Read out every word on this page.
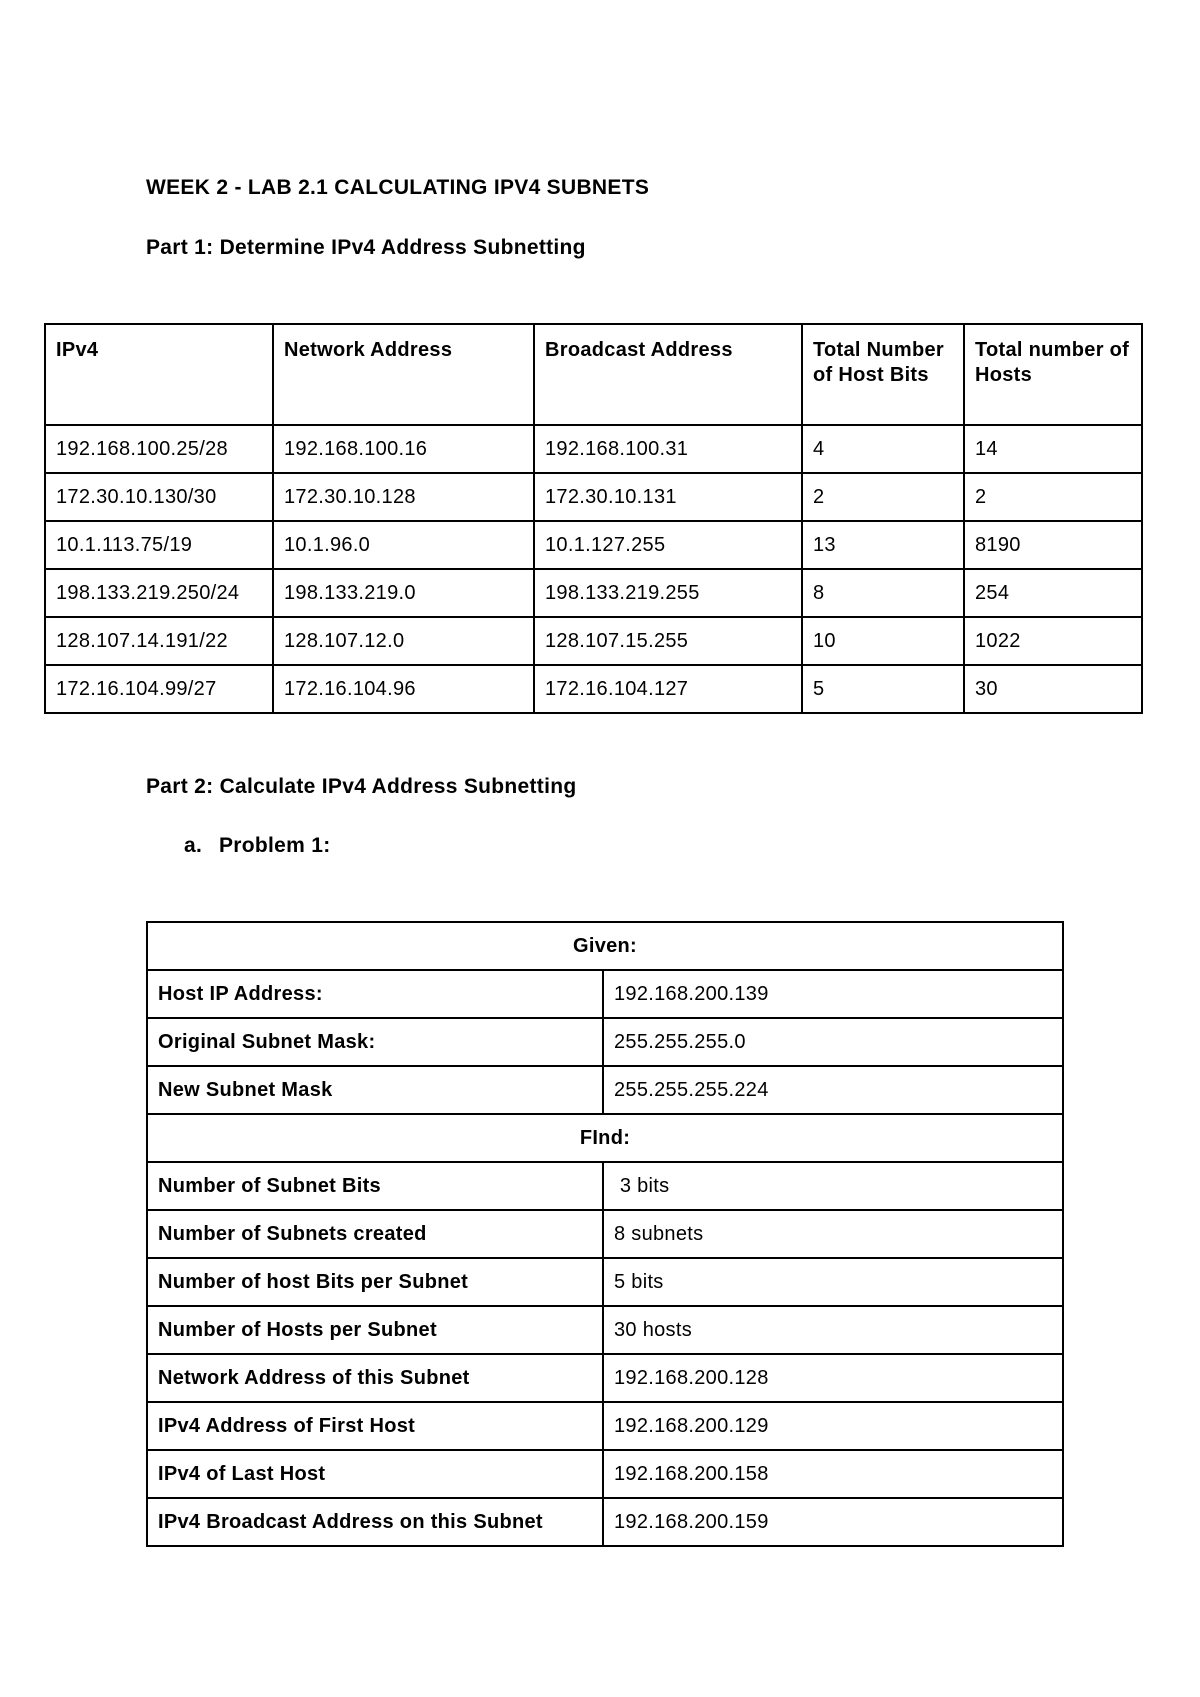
WEEK 2 - LAB 2.1 CALCULATING IPV4 SUBNETS

Part 1: Determine IPv4 Address Subnetting

IPv4	Network Address	Broadcast Address	Total Number of Host Bits	Total number of Hosts
192.168.100.25/28	192.168.100.16	192.168.100.31	4	14
172.30.10.130/30	172.30.10.128	172.30.10.131	2	2
10.1.113.75/19	10.1.96.0	10.1.127.255	13	8190
198.133.219.250/24	198.133.219.0	198.133.219.255	8	254
128.107.14.191/22	128.107.12.0	128.107.15.255	10	1022
172.16.104.99/27	172.16.104.96	172.16.104.127	5	30

Part 2: Calculate IPv4 Address Subnetting

a. Problem 1:
Given:	
Host IP Address:	192.168.200.139
Original Subnet Mask:	255.255.255.0
New Subnet Mask	255.255.255.224
FInd:	
Number of Subnet Bits	3 bits
Number of Subnets created	8 subnets
Number of host Bits per Subnet	5 bits
Number of Hosts per Subnet	30 hosts
Network Address of this Subnet	192.168.200.128
IPv4 Address of First Host	192.168.200.129
IPv4 of Last Host	192.168.200.158
IPv4 Broadcast Address on this Subnet	192.168.200.159
